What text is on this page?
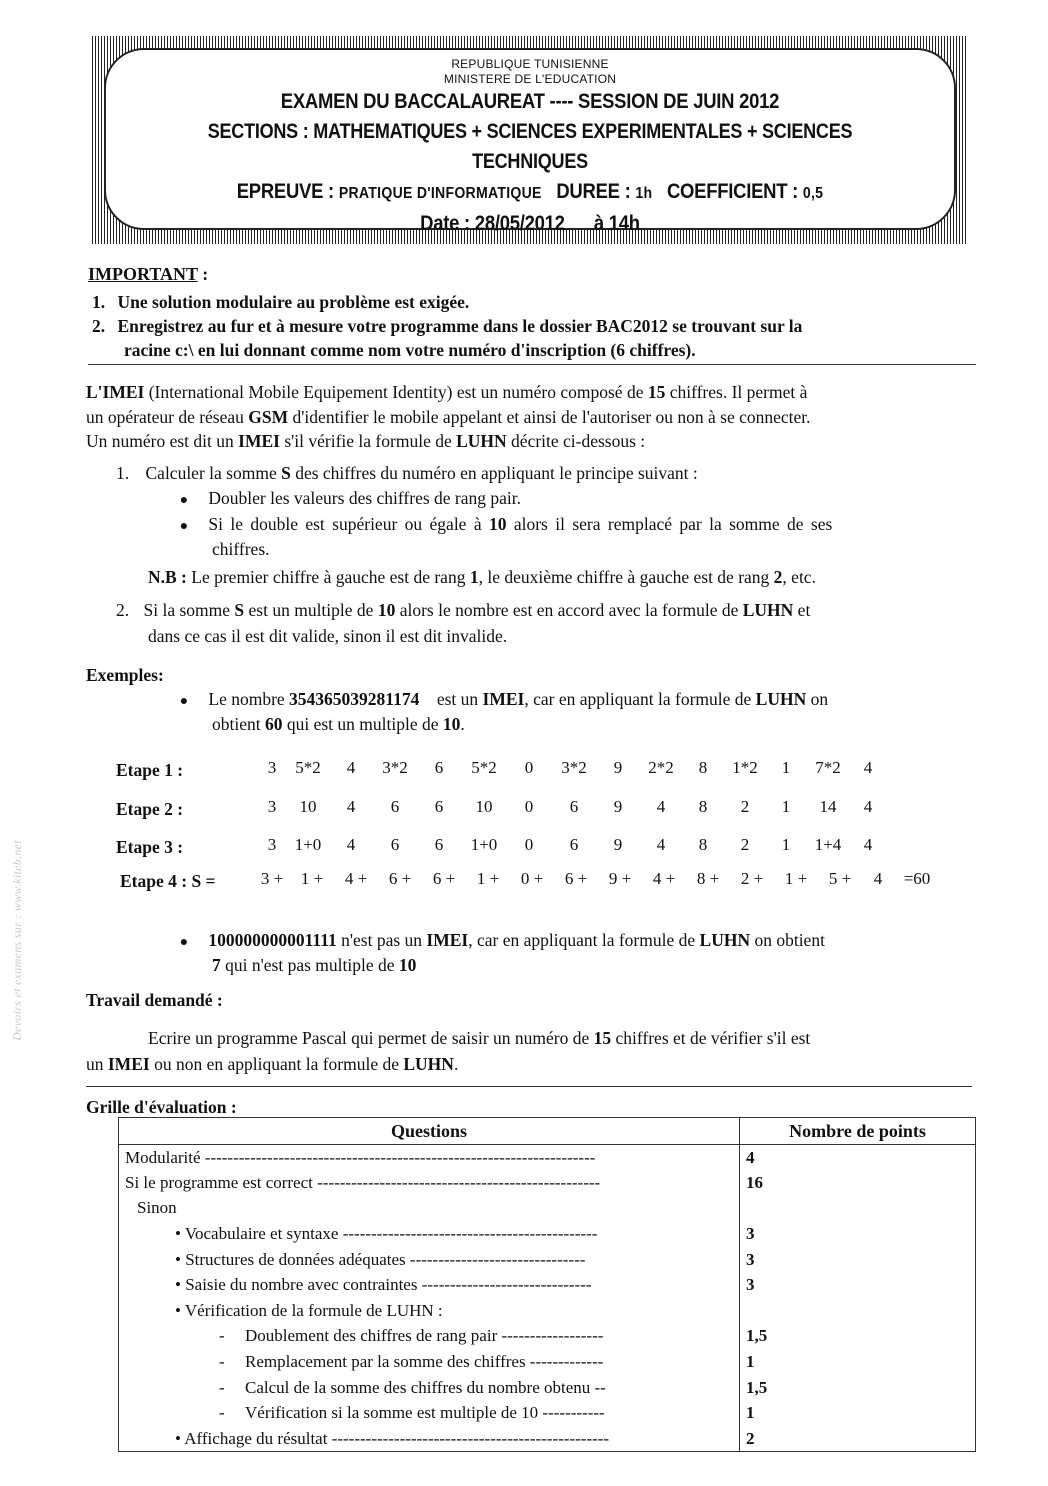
Devoirs et examens sur : www.kiteb.net
REPUBLIQUE TUNISIENNE
MINISTERE DE L'EDUCATION
EXAMEN DU BACCALAUREAT ---- SESSION DE JUIN 2012
SECTIONS : MATHEMATIQUES + SCIENCES EXPERIMENTALES + SCIENCES TECHNIQUES
EPREUVE : PRATIQUE D'INFORMATIQUE DUREE : 1h COEFFICIENT : 0,5
Date : 28/05/2012 à 14h
IMPORTANT :
1. Une solution modulaire au problème est exigée.
2. Enregistrez au fur et à mesure votre programme dans le dossier BAC2012 se trouvant sur la
racine c:\ en lui donnant comme nom votre numéro d'inscription (6 chiffres).
L'IMEI (International Mobile Equipement Identity) est un numéro composé de 15 chiffres. Il permet à
un opérateur de réseau GSM d'identifier le mobile appelant et ainsi de l'autoriser ou non à se connecter.
Un numéro est dit un IMEI s'il vérifie la formule de LUHN décrite ci-dessous :
1. Calculer la somme S des chiffres du numéro en appliquant le principe suivant :
● Doubler les valeurs des chiffres de rang pair.
● Si le double est supérieur ou égale à 10 alors il sera remplacé par la somme de ses
chiffres.
N.B : Le premier chiffre à gauche est de rang 1, le deuxième chiffre à gauche est de rang 2, etc.
2. Si la somme S est un multiple de 10 alors le nombre est en accord avec la formule de LUHN et
dans ce cas il est dit valide, sinon il est dit invalide.
Exemples:
● Le nombre 354365039281174    est un IMEI, car en appliquant la formule de LUHN on
obtient 60 qui est un multiple de 10.
Etape 1 :	3	5*2	4	3*2	6	5*2	0	3*2	9	2*2	8	1*2	1	7*2	4
Etape 2 :	3	10	4	6	6	10	0	6	9	4	8	2	1	14	4
Etape 3 :	3	1+0	4	6	6	1+0	0	6	9	4	8	2	1	1+4	4
Etape 4 : S =	3 +	1 +	4 +	6 +	6 +	1 +	0 +	6 +	9 +	4 +	8 +	2 +	1 +	5 +	4	=60
● 100000000001111 n'est pas un IMEI, car en appliquant la formule de LUHN on obtient
7 qui n'est pas multiple de 10
Travail demandé :
Ecrire un programme Pascal qui permet de saisir un numéro de 15 chiffres et de vérifier s'il est
un IMEI ou non en appliquant la formule de LUHN.
Grille d'évaluation :
Questions	Nombre de points
Modularité ---------------------------------------------------------------------	4
Si le programme est correct --------------------------------------------------	16
Sinon	
• Vocabulaire et syntaxe ---------------------------------------------	3
• Structures de données adéquates -------------------------------	3
• Saisie du nombre avec contraintes ------------------------------	3
• Vérification de la formule de LUHN :	
- Doublement des chiffres de rang pair ------------------	1,5
- Remplacement par la somme des chiffres -------------	1
- Calcul de la somme des chiffres du nombre obtenu --	1,5
- Vérification si la somme est multiple de 10 -----------	1
• Affichage du résultat -------------------------------------------------	2
